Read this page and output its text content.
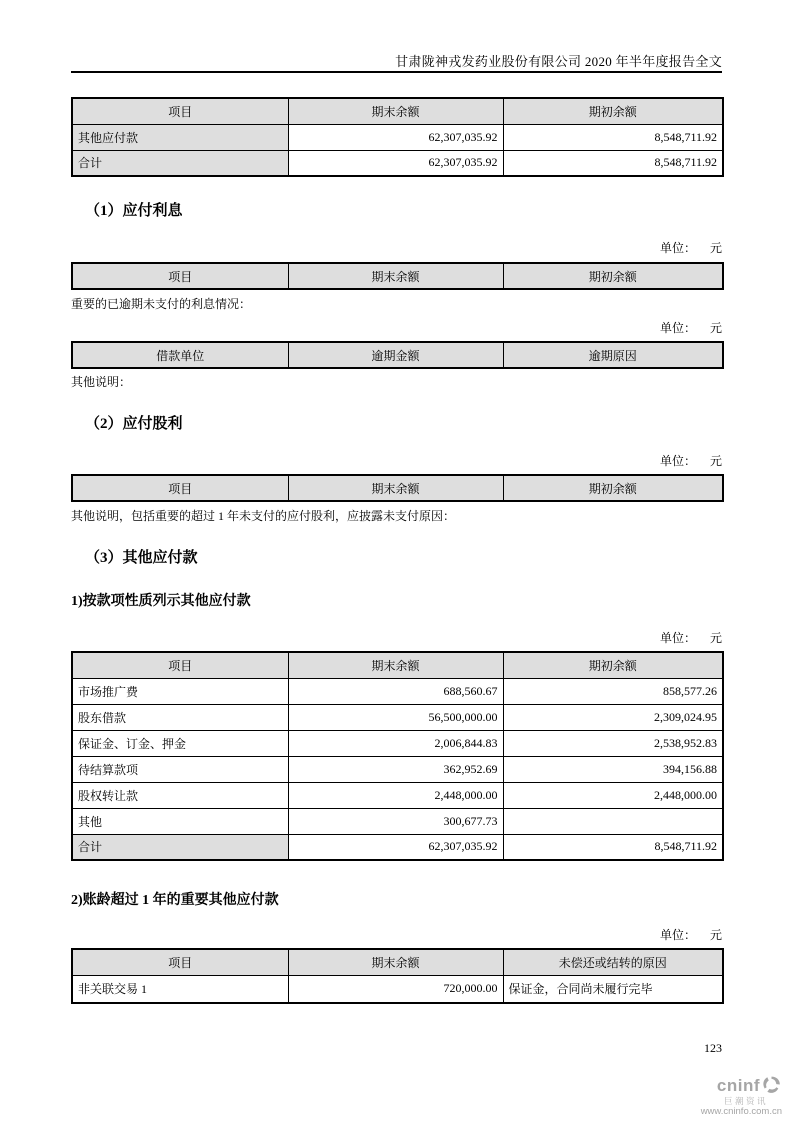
甘肃陇神戎发药业股份有限公司 2020 年半年度报告全文
项目	期末余额	期初余额
其他应付款	62,307,035.92	8,548,711.92
合计	62,307,035.92	8,548,711.92
（1）应付利息
单位： 元
项目	期末余额	期初余额
重要的已逾期未支付的利息情况：
单位： 元
借款单位	逾期金额	逾期原因
其他说明：
（2）应付股利
单位： 元
项目	期末余额	期初余额
其他说明，包括重要的超过 1 年未支付的应付股利，应披露未支付原因：
（3）其他应付款
1)按款项性质列示其他应付款
单位： 元
项目	期末余额	期初余额
市场推广费	688,560.67	858,577.26
股东借款	56,500,000.00	2,309,024.95
保证金、订金、押金	2,006,844.83	2,538,952.83
待结算款项	362,952.69	394,156.88
股权转让款	2,448,000.00	2,448,000.00
其他	300,677.73	
合计	62,307,035.92	8,548,711.92
2)账龄超过 1 年的重要其他应付款
单位： 元
项目	期末余额	未偿还或结转的原因
非关联交易 1	720,000.00	保证金，合同尚未履行完毕
123
cninf
巨潮资讯
www.cninfo.com.cn
